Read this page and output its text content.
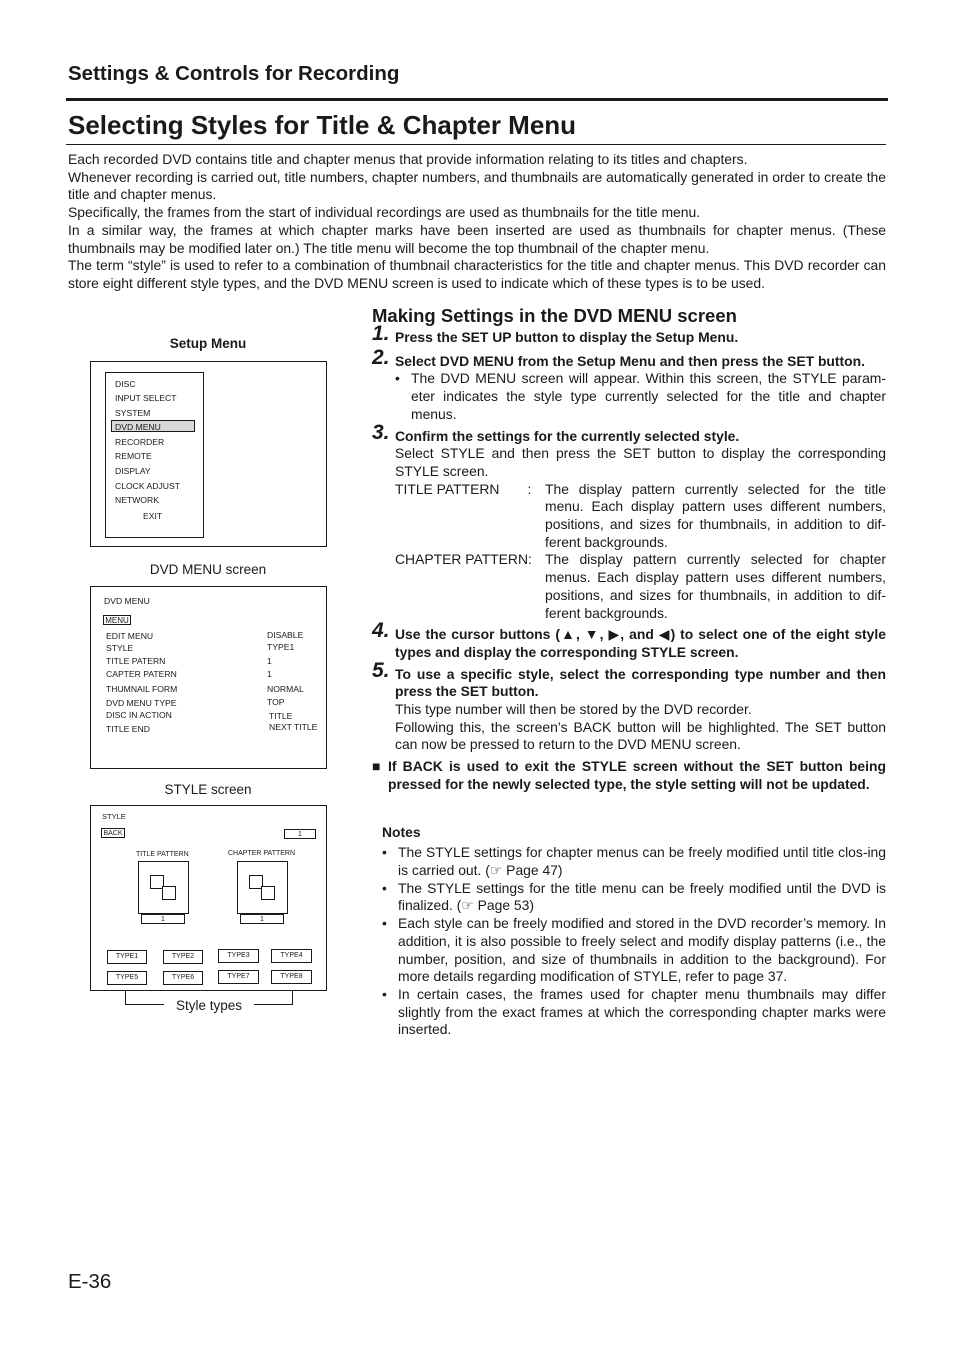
Settings & Controls for Recording
Selecting Styles for Title & Chapter Menu

Each recorded DVD contains title and chapter menus that provide information relating to its titles and chapters.

Whenever recording is carried out, title numbers, chapter numbers, and thumbnails are automatically generated in order to create the title and chapter menus.

Specifically, the frames from the start of individual recordings are used as thumbnails for the title menu.

In a similar way, the frames at which chapter marks have been inserted are used as thumbnails for chapter menus. (These thumbnails may be modified later on.) The title menu will become the top thumbnail of the chapter menu.

The term “style” is used to refer to a combination of thumbnail characteristics for the title and chapter menus. This DVD recorder can store eight different style types, and the DVD MENU screen is used to indicate which of these types is to be used.

Setup Menu
DISC
INPUT SELECT
SYSTEM
DVD MENU
RECORDER
REMOTE
DISPLAY
CLOCK ADJUST
NETWORK
EXIT
DVD MENU screen
DVD MENU
MENU
EDIT MENU	DISABLE
STYLE	TYPE1
TITLE PATERN	1
CAPTER PATERN	1
THUMNAIL FORM	NORMAL
DVD MENU TYPE	TOP
DISC IN ACTION	TITLE
TITLE END	NEXT TITLE
STYLE screen
STYLE
BACK	1
TITLE PATTERN	CHAPTER PATTERN
1	1
TYPE1	TYPE2	TYPE3	TYPE4
TYPE5	TYPE6	TYPE7	TYPE8
Style types
Making Settings in the DVD MENU screen
1. Press the SET UP button to display the Setup Menu.

2. Select DVD MENU from the Setup Menu and then press the SET button.

• The DVD MENU screen will appear. Within this screen, the STYLE param-eter indicates the style type currently selected for the title and chapter menus.
3. Confirm the settings for the currently selected style.

Select STYLE and then press the SET button to display the corresponding STYLE screen.

TITLE PATTERN : The display pattern currently selected for the title menu. Each display pattern uses different numbers, positions, and sizes for thumbnails, in addition to dif-ferent backgrounds.
CHAPTER PATTERN: The display pattern currently selected for chapter menus. Each display pattern uses different numbers, positions, and sizes for thumbnails, in addition to dif-ferent backgrounds.
4. Use the cursor buttons (▲, ▼, ▶, and ◀) to select one of the eight style types and display the corresponding STYLE screen.

5. To use a specific style, select the corresponding type number and then press the SET button.

This type number will then be stored by the DVD recorder.

Following this, the screen’s BACK button will be highlighted. The SET button can now be pressed to return to the DVD MENU screen.

■ If BACK is used to exit the STYLE screen without the SET button being pressed for the newly selected type, the style setting will not be updated.
Notes
• The STYLE settings for chapter menus can be freely modified until title clos-ing is carried out. (☞ Page 47)
• The STYLE settings for the title menu can be freely modified until the DVD is finalized. (☞ Page 53)
• Each style can be freely modified and stored in the DVD recorder’s memory. In addition, it is also possible to freely select and modify display patterns (i.e., the number, position, and size of thumbnails in addition to the background). For more details regarding modification of STYLE, refer to page 37.
• In certain cases, the frames used for chapter menu thumbnails may differ slightly from the exact frames at which the corresponding chapter marks were inserted.
E-36
